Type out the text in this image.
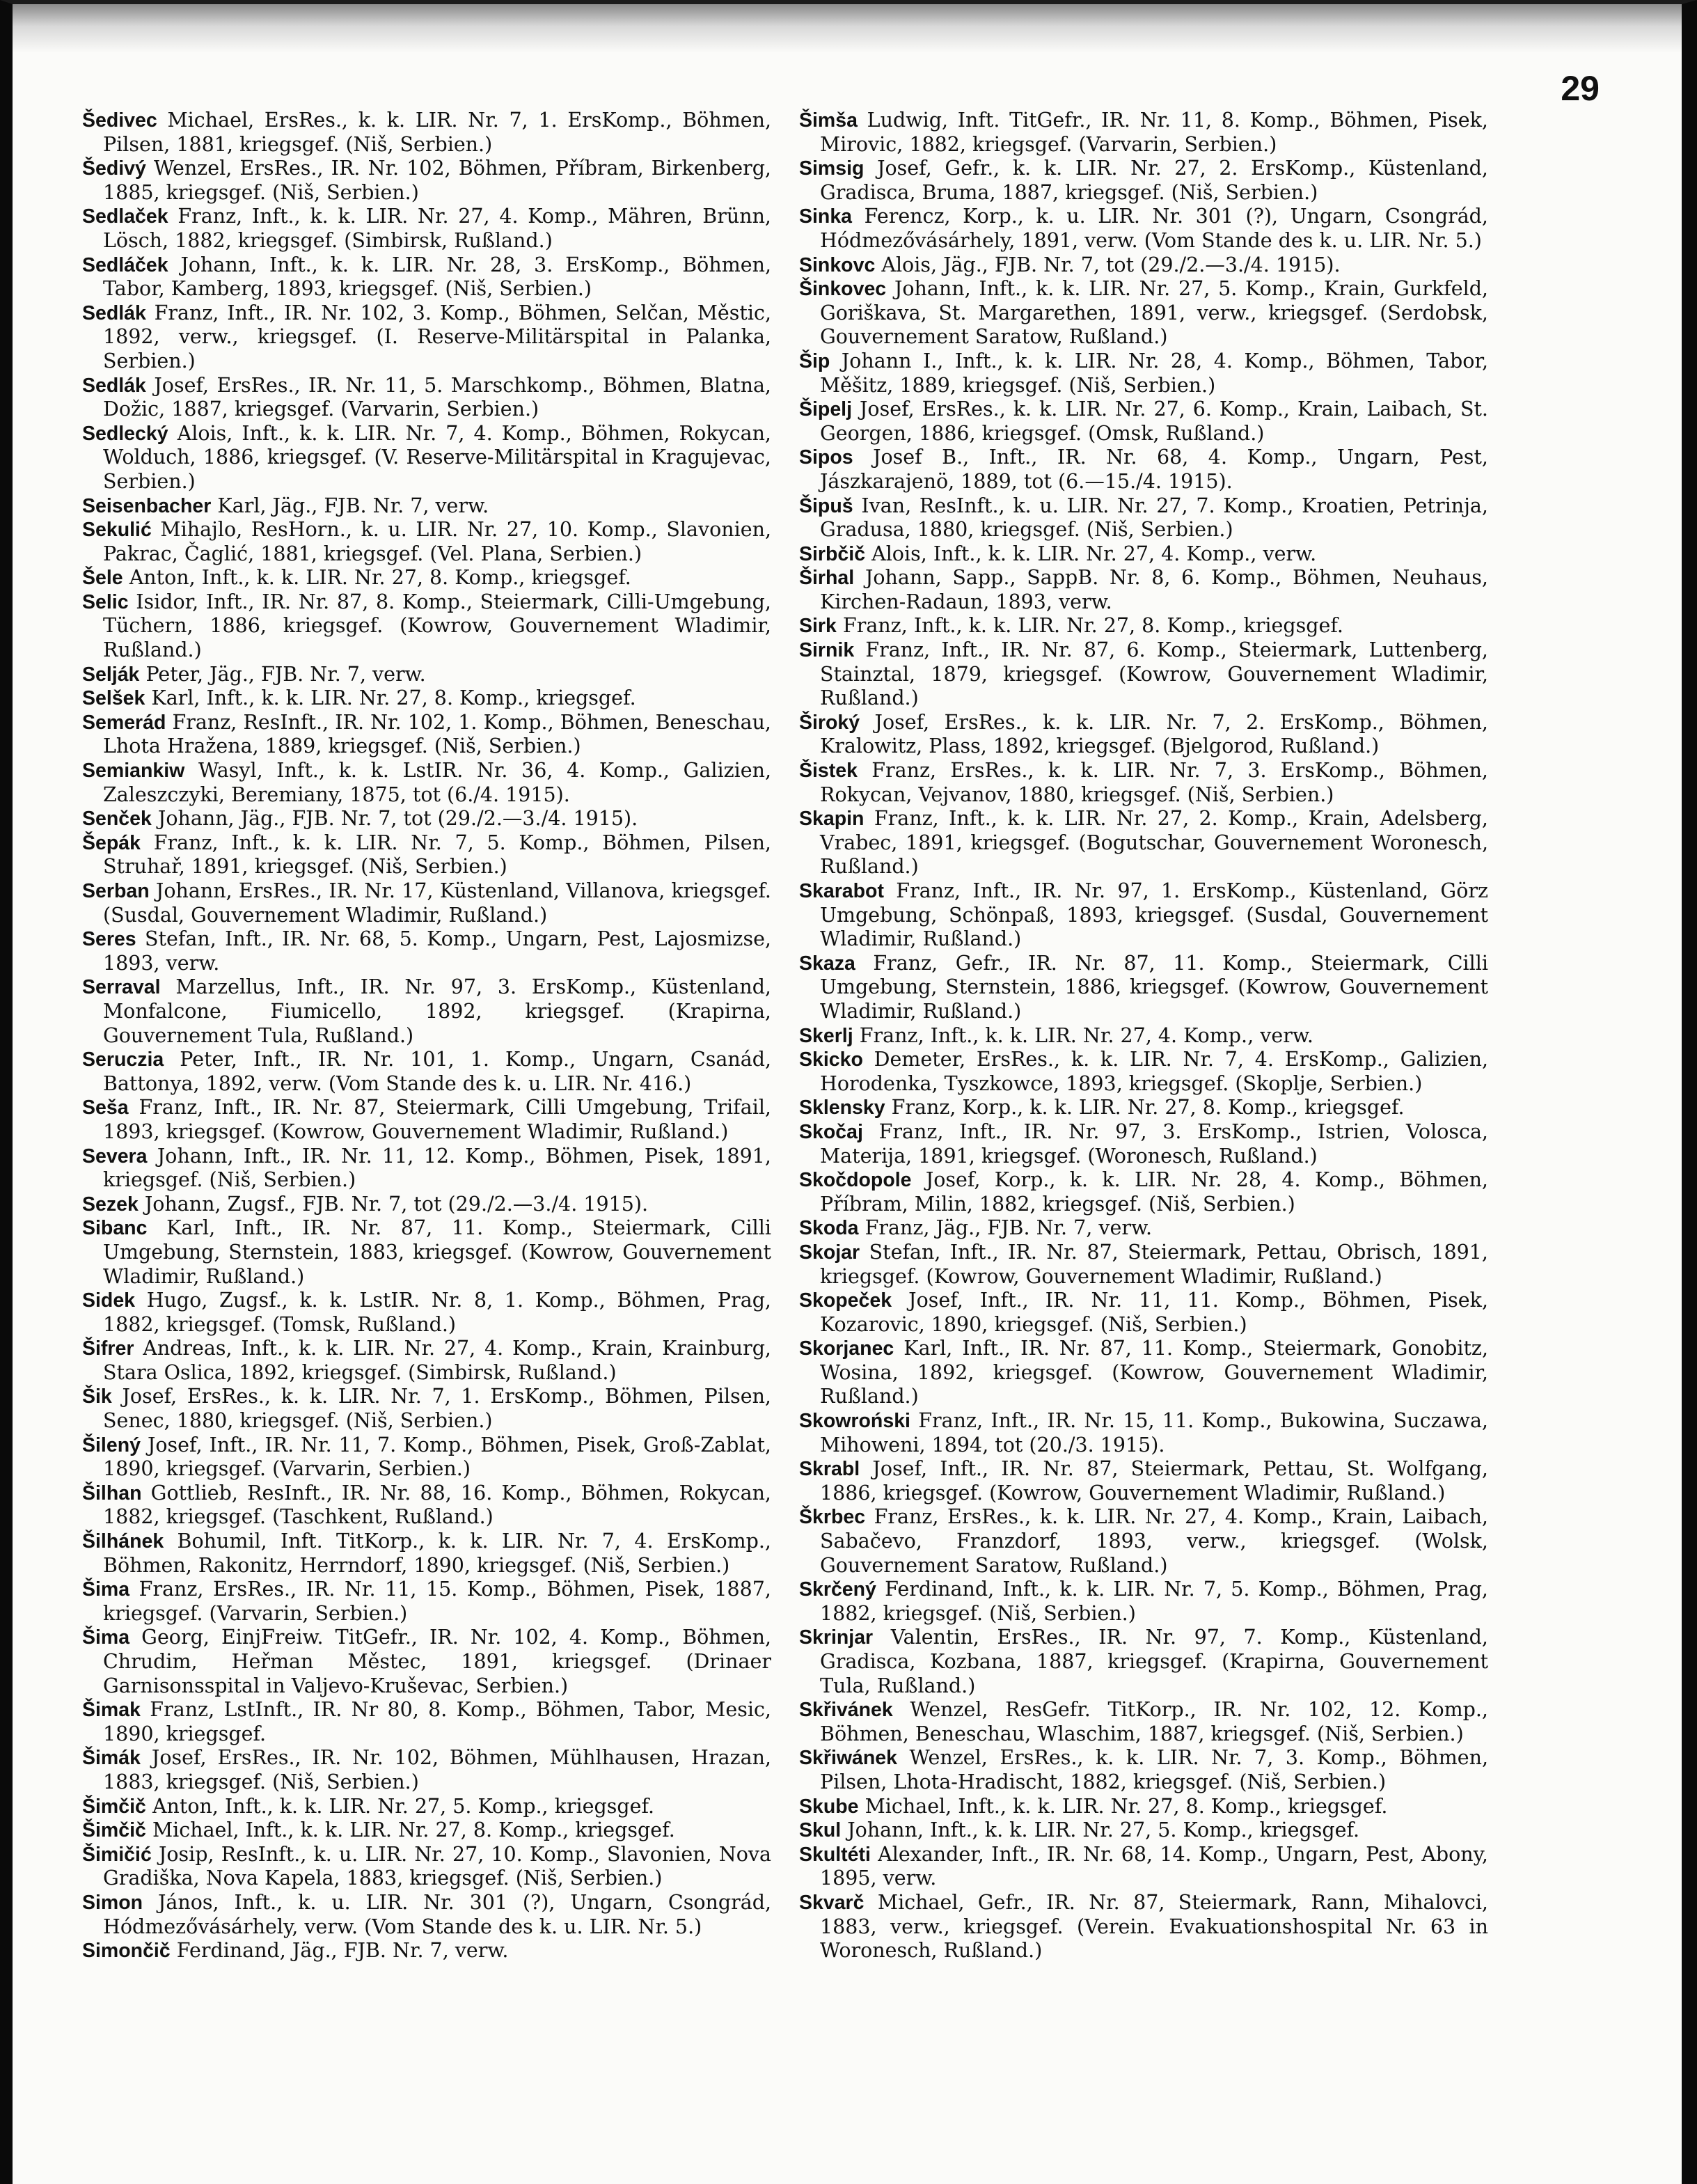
29

Šedivec Michael, ErsRes., k. k. LIR. Nr. 7, 1. ErsKomp., Böhmen, Pilsen, 1881, kriegsgef. (Niš, Serbien.)

Šedivý Wenzel, ErsRes., IR. Nr. 102, Böhmen, Příbram, Birkenberg, 1885, kriegsgef. (Niš, Serbien.)

Sedlaček Franz, Inft., k. k. LIR. Nr. 27, 4. Komp., Mähren, Brünn, Lösch, 1882, kriegsgef. (Simbirsk, Rußland.)

Sedláček Johann, Inft., k. k. LIR. Nr. 28, 3. ErsKomp., Böhmen, Tabor, Kamberg, 1893, kriegsgef. (Niš, Serbien.)

Sedlák Franz, Inft., IR. Nr. 102, 3. Komp., Böhmen, Selčan, Městic, 1892, verw., kriegsgef. (I. Reserve-Militärspital in Palanka, Serbien.)

Sedlák Josef, ErsRes., IR. Nr. 11, 5. Marschkomp., Böhmen, Blatna, Dožic, 1887, kriegsgef. (Varvarin, Serbien.)

Sedlecký Alois, Inft., k. k. LIR. Nr. 7, 4. Komp., Böhmen, Rokycan, Wolduch, 1886, kriegsgef. (V. Reserve-Militärspital in Kragujevac, Serbien.)

Seisenbacher Karl, Jäg., FJB. Nr. 7, verw.

Sekulić Mihajlo, ResHorn., k. u. LIR. Nr. 27, 10. Komp., Slavonien, Pakrac, Čaglić, 1881, kriegsgef. (Vel. Plana, Serbien.)

Šele Anton, Inft., k. k. LIR. Nr. 27, 8. Komp., kriegsgef.

Selic Isidor, Inft., IR. Nr. 87, 8. Komp., Steiermark, Cilli-Umgebung, Tüchern, 1886, kriegsgef. (Kowrow, Gouvernement Wladimir, Rußland.)

Selják Peter, Jäg., FJB. Nr. 7, verw.

Selšek Karl, Inft., k. k. LIR. Nr. 27, 8. Komp., kriegsgef.

Semerád Franz, ResInft., IR. Nr. 102, 1. Komp., Böhmen, Beneschau, Lhota Hražena, 1889, kriegsgef. (Niš, Serbien.)

Semiankiw Wasyl, Inft., k. k. LstIR. Nr. 36, 4. Komp., Galizien, Zaleszczyki, Beremiany, 1875, tot (6./4. 1915).

Senček Johann, Jäg., FJB. Nr. 7, tot (29./2.—3./4. 1915).

Šepák Franz, Inft., k. k. LIR. Nr. 7, 5. Komp., Böhmen, Pilsen, Struhař, 1891, kriegsgef. (Niš, Serbien.)

Serban Johann, ErsRes., IR. Nr. 17, Küstenland, Villanova, kriegsgef. (Susdal, Gouvernement Wladimir, Rußland.)

Seres Stefan, Inft., IR. Nr. 68, 5. Komp., Ungarn, Pest, Lajosmizse, 1893, verw.

Serraval Marzellus, Inft., IR. Nr. 97, 3. ErsKomp., Küstenland, Monfalcone, Fiumicello, 1892, kriegsgef. (Krapirna, Gouvernement Tula, Rußland.)

Seruczia Peter, Inft., IR. Nr. 101, 1. Komp., Ungarn, Csanád, Battonya, 1892, verw. (Vom Stande des k. u. LIR. Nr. 416.)

Seša Franz, Inft., IR. Nr. 87, Steiermark, Cilli Umgebung, Trifail, 1893, kriegsgef. (Kowrow, Gouvernement Wladimir, Rußland.)

Severa Johann, Inft., IR. Nr. 11, 12. Komp., Böhmen, Pisek, 1891, kriegsgef. (Niš, Serbien.)

Sezek Johann, Zugsf., FJB. Nr. 7, tot (29./2.—3./4. 1915).

Sibanc Karl, Inft., IR. Nr. 87, 11. Komp., Steiermark, Cilli Umgebung, Sternstein, 1883, kriegsgef. (Kowrow, Gouvernement Wladimir, Rußland.)

Sidek Hugo, Zugsf., k. k. LstIR. Nr. 8, 1. Komp., Böhmen, Prag, 1882, kriegsgef. (Tomsk, Rußland.)

Šifrer Andreas, Inft., k. k. LIR. Nr. 27, 4. Komp., Krain, Krainburg, Stara Oslica, 1892, kriegsgef. (Simbirsk, Rußland.)

Šik Josef, ErsRes., k. k. LIR. Nr. 7, 1. ErsKomp., Böhmen, Pilsen, Senec, 1880, kriegsgef. (Niš, Serbien.)

Šilený Josef, Inft., IR. Nr. 11, 7. Komp., Böhmen, Pisek, Groß-Zablat, 1890, kriegsgef. (Varvarin, Serbien.)

Šilhan Gottlieb, ResInft., IR. Nr. 88, 16. Komp., Böhmen, Rokycan, 1882, kriegsgef. (Taschkent, Rußland.)

Šilhánek Bohumil, Inft. TitKorp., k. k. LIR. Nr. 7, 4. ErsKomp., Böhmen, Rakonitz, Herrndorf, 1890, kriegsgef. (Niš, Serbien.)

Šima Franz, ErsRes., IR. Nr. 11, 15. Komp., Böhmen, Pisek, 1887, kriegsgef. (Varvarin, Serbien.)

Šima Georg, EinjFreiw. TitGefr., IR. Nr. 102, 4. Komp., Böhmen, Chrudim, Heřman Městec, 1891, kriegsgef. (Drinaer Garnisonsspital in Valjevo-Kruševac, Serbien.)

Šimak Franz, LstInft., IR. Nr 80, 8. Komp., Böhmen, Tabor, Mesic, 1890, kriegsgef.

Šimák Josef, ErsRes., IR. Nr. 102, Böhmen, Mühlhausen, Hrazan, 1883, kriegsgef. (Niš, Serbien.)

Šimčič Anton, Inft., k. k. LIR. Nr. 27, 5. Komp., kriegsgef.

Šimčič Michael, Inft., k. k. LIR. Nr. 27, 8. Komp., kriegsgef.

Šimičić Josip, ResInft., k. u. LIR. Nr. 27, 10. Komp., Slavonien, Nova Gradiška, Nova Kapela, 1883, kriegsgef. (Niš, Serbien.)

Simon János, Inft., k. u. LIR. Nr. 301 (?), Ungarn, Csongrád, Hódmezővásárhely, verw. (Vom Stande des k. u. LIR. Nr. 5.)

Simončič Ferdinand, Jäg., FJB. Nr. 7, verw.

Šimša Ludwig, Inft. TitGefr., IR. Nr. 11, 8. Komp., Böhmen, Pisek, Mirovic, 1882, kriegsgef. (Varvarin, Serbien.)

Simsig Josef, Gefr., k. k. LIR. Nr. 27, 2. ErsKomp., Küstenland, Gradisca, Bruma, 1887, kriegsgef. (Niš, Serbien.)

Sinka Ferencz, Korp., k. u. LIR. Nr. 301 (?), Ungarn, Csongrád, Hódmezővásárhely, 1891, verw. (Vom Stande des k. u. LIR. Nr. 5.)

Sinkovc Alois, Jäg., FJB. Nr. 7, tot (29./2.—3./4. 1915).

Šinkovec Johann, Inft., k. k. LIR. Nr. 27, 5. Komp., Krain, Gurkfeld, Goriškava, St. Margarethen, 1891, verw., kriegsgef. (Serdobsk, Gouvernement Saratow, Rußland.)

Šip Johann I., Inft., k. k. LIR. Nr. 28, 4. Komp., Böhmen, Tabor, Měšitz, 1889, kriegsgef. (Niš, Serbien.)

Šipelj Josef, ErsRes., k. k. LIR. Nr. 27, 6. Komp., Krain, Laibach, St. Georgen, 1886, kriegsgef. (Omsk, Rußland.)

Sipos Josef B., Inft., IR. Nr. 68, 4. Komp., Ungarn, Pest, Jászkarajenö, 1889, tot (6.—15./4. 1915).

Šipuš Ivan, ResInft., k. u. LIR. Nr. 27, 7. Komp., Kroatien, Petrinja, Gradusa, 1880, kriegsgef. (Niš, Serbien.)

Sirbčič Alois, Inft., k. k. LIR. Nr. 27, 4. Komp., verw.

Širhal Johann, Sapp., SappB. Nr. 8, 6. Komp., Böhmen, Neuhaus, Kirchen-Radaun, 1893, verw.

Sirk Franz, Inft., k. k. LIR. Nr. 27, 8. Komp., kriegsgef.

Sirnik Franz, Inft., IR. Nr. 87, 6. Komp., Steiermark, Luttenberg, Stainztal, 1879, kriegsgef. (Kowrow, Gouvernement Wladimir, Rußland.)

Široký Josef, ErsRes., k. k. LIR. Nr. 7, 2. ErsKomp., Böhmen, Kralowitz, Plass, 1892, kriegsgef. (Bjelgorod, Rußland.)

Šistek Franz, ErsRes., k. k. LIR. Nr. 7, 3. ErsKomp., Böhmen, Rokycan, Vejvanov, 1880, kriegsgef. (Niš, Serbien.)

Skapin Franz, Inft., k. k. LIR. Nr. 27, 2. Komp., Krain, Adelsberg, Vrabec, 1891, kriegsgef. (Bogutschar, Gouvernement Woronesch, Rußland.)

Skarabot Franz, Inft., IR. Nr. 97, 1. ErsKomp., Küstenland, Görz Umgebung, Schönpaß, 1893, kriegsgef. (Susdal, Gouvernement Wladimir, Rußland.)

Skaza Franz, Gefr., IR. Nr. 87, 11. Komp., Steiermark, Cilli Umgebung, Sternstein, 1886, kriegsgef. (Kowrow, Gouvernement Wladimir, Rußland.)

Skerlj Franz, Inft., k. k. LIR. Nr. 27, 4. Komp., verw.

Skicko Demeter, ErsRes., k. k. LIR. Nr. 7, 4. ErsKomp., Galizien, Horodenka, Tyszkowce, 1893, kriegsgef. (Skoplje, Serbien.)

Sklensky Franz, Korp., k. k. LIR. Nr. 27, 8. Komp., kriegsgef.

Skočaj Franz, Inft., IR. Nr. 97, 3. ErsKomp., Istrien, Volosca, Materija, 1891, kriegsgef. (Woronesch, Rußland.)

Skočdopole Josef, Korp., k. k. LIR. Nr. 28, 4. Komp., Böhmen, Příbram, Milin, 1882, kriegsgef. (Niš, Serbien.)

Skoda Franz, Jäg., FJB. Nr. 7, verw.

Skojar Stefan, Inft., IR. Nr. 87, Steiermark, Pettau, Obrisch, 1891, kriegsgef. (Kowrow, Gouvernement Wladimir, Rußland.)

Skopeček Josef, Inft., IR. Nr. 11, 11. Komp., Böhmen, Pisek, Kozarovic, 1890, kriegsgef. (Niš, Serbien.)

Skorjanec Karl, Inft., IR. Nr. 87, 11. Komp., Steiermark, Gonobitz, Wosina, 1892, kriegsgef. (Kowrow, Gouvernement Wladimir, Rußland.)

Skowroński Franz, Inft., IR. Nr. 15, 11. Komp., Bukowina, Suczawa, Mihoweni, 1894, tot (20./3. 1915).

Skrabl Josef, Inft., IR. Nr. 87, Steiermark, Pettau, St. Wolfgang, 1886, kriegsgef. (Kowrow, Gouvernement Wladimir, Rußland.)

Škrbec Franz, ErsRes., k. k. LIR. Nr. 27, 4. Komp., Krain, Laibach, Sabačevo, Franzdorf, 1893, verw., kriegsgef. (Wolsk, Gouvernement Saratow, Rußland.)

Skrčený Ferdinand, Inft., k. k. LIR. Nr. 7, 5. Komp., Böhmen, Prag, 1882, kriegsgef. (Niš, Serbien.)

Skrinjar Valentin, ErsRes., IR. Nr. 97, 7. Komp., Küstenland, Gradisca, Kozbana, 1887, kriegsgef. (Krapirna, Gouvernement Tula, Rußland.)

Skřivánek Wenzel, ResGefr. TitKorp., IR. Nr. 102, 12. Komp., Böhmen, Beneschau, Wlaschim, 1887, kriegsgef. (Niš, Serbien.)

Skřiwánek Wenzel, ErsRes., k. k. LIR. Nr. 7, 3. Komp., Böhmen, Pilsen, Lhota-Hradischt, 1882, kriegsgef. (Niš, Serbien.)

Skube Michael, Inft., k. k. LIR. Nr. 27, 8. Komp., kriegsgef.

Skul Johann, Inft., k. k. LIR. Nr. 27, 5. Komp., kriegsgef.

Skultéti Alexander, Inft., IR. Nr. 68, 14. Komp., Ungarn, Pest, Abony, 1895, verw.

Skvarč Michael, Gefr., IR. Nr. 87, Steiermark, Rann, Mihalovci, 1883, verw., kriegsgef. (Verein. Evakuationshospital Nr. 63 in Woronesch, Rußland.)
